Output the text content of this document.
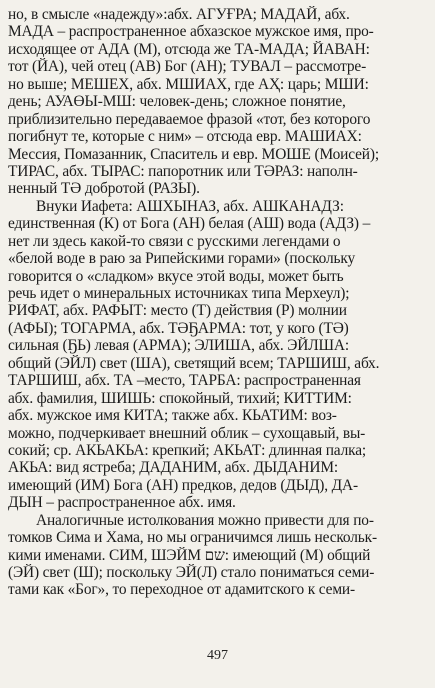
но, в смысле «надежду»:абх. АГУҒРА; МАДАЙ, абх.
МАДА – распространенное абхазское мужское имя, про-
исходящее от АДА (М), отсюда же ТА-МАДА; ЙАВАН:
тот (ЙА), чей отец (АВ) Бог (АН); ТУВАЛ – рассмотре-
но выше; МЕШЕХ, абх. МШИАХ, где АҲ: царь; МШИ:
день; АУАӨЫ-МШ: человек-день; сложное понятие,
приблизительно передаваемое фразой «тот, без которого
погибнут те, которые с ним» – отсюда евр. МАШИАХ:
Мессия, Помазанник, Спаситель и евр. МОШЕ (Моисей);
ТИРАС, абх. ТЫРАС: папоротник или ТӘРАЗ: наполн-
ненный ТӘ добротой (РАЗЫ).
Внуки Иафета: АШХЫНАЗ, абх. АШКАНАДЗ:
единственная (К) от Бога (АН) белая (АШ) вода (АДЗ) –
нет ли здесь какой-то связи с русскими легендами о
«белой воде в раю за Рипейскими горами» (поскольку
говорится о «сладком» вкусе этой воды, может быть
речь идет о минеральных источниках типа Мерхеул);
РИФАТ, абх. РАФЫТ: место (Т) действия (Р) молнии
(АФЫ); ТОГАРМА, абх. ТӘҔАРМА: тот, у кого (ТӘ)
сильная (ҔЬ) левая (АРМА); ЭЛИША, абх. ЭЙЛША:
общий (ЭЙЛ) свет (ША), светящий всем; ТАРШИШ, абх.
ТАРШИШ, абх. ТА –место, ТАРБА: распространенная
абх. фамилия, ШИШЬ: спокойный, тихий; КИТТИМ:
абх. мужское имя КИТА; также абх. КЬАТИМ: воз-
можно, подчеркивает внешний облик – сухощавый, вы-
сокий; ср. АКЬАКЬА: крепкий; АКЬАТ: длинная палка;
АКЬА: вид ястреба; ДАДАНИМ, абх. ДЫДАНИМ:
имеющий (ИМ) Бога (АН) предков, дедов (ДЫД), ДА-
ДЫН – распространенное абх. имя.
Аналогичные истолкования можно привести для по-
томков Сима и Хама, но мы ограничимся лишь нескольк-
кими именами. СИМ, ШЭЙМ שם: имеющий (М) общий
(ЭЙ) свет (Ш); поскольку ЭЙ(Л) стало пониматься семи-
тами как «Бог», то переходное от адамитского к семи-
497
